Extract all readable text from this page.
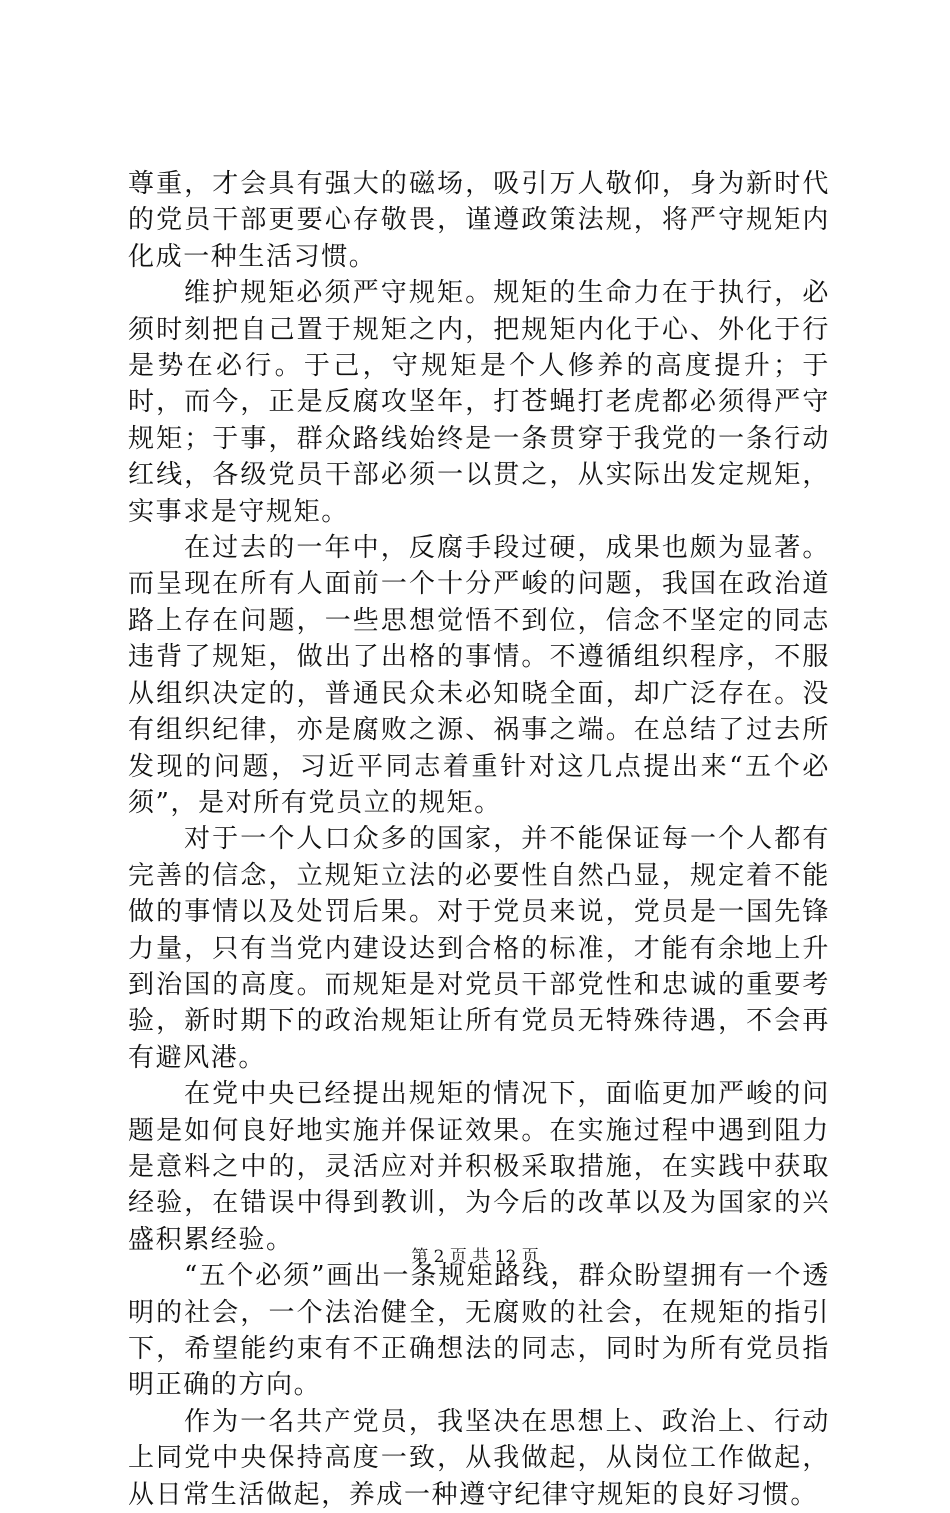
尊重，才会具有强大的磁场，吸引万人敬仰，身为新时代的党员干部更要心存敬畏，谨遵政策法规，将严守规矩内化成一种生活习惯。

维护规矩必须严守规矩。规矩的生命力在于执行，必须时刻把自己置于规矩之内，把规矩内化于心、外化于行是势在必行。于己，守规矩是个人修养的高度提升；于时，而今，正是反腐攻坚年，打苍蝇打老虎都必须得严守规矩；于事，群众路线始终是一条贯穿于我党的一条行动红线，各级党员干部必须一以贯之，从实际出发定规矩，实事求是守规矩。

在过去的一年中，反腐手段过硬，成果也颇为显著。而呈现在所有人面前一个十分严峻的问题，我国在政治道路上存在问题，一些思想觉悟不到位，信念不坚定的同志违背了规矩，做出了出格的事情。不遵循组织程序，不服从组织决定的，普通民众未必知晓全面，却广泛存在。没有组织纪律，亦是腐败之源、祸事之端。在总结了过去所发现的问题，习近平同志着重针对这几点提出来“五个必须”，是对所有党员立的规矩。

对于一个人口众多的国家，并不能保证每一个人都有完善的信念，立规矩立法的必要性自然凸显，规定着不能做的事情以及处罚后果。对于党员来说，党员是一国先锋力量，只有当党内建设达到合格的标准，才能有余地上升到治国的高度。而规矩是对党员干部党性和忠诚的重要考验，新时期下的政治规矩让所有党员无特殊待遇，不会再有避风港。

在党中央已经提出规矩的情况下，面临更加严峻的问题是如何良好地实施并保证效果。在实施过程中遇到阻力是意料之中的，灵活应对并积极采取措施，在实践中获取经验，在错误中得到教训，为今后的改革以及为国家的兴盛积累经验。

“五个必须”画出一条规矩路线，群众盼望拥有一个透明的社会，一个法治健全，无腐败的社会，在规矩的指引下，希望能约束有不正确想法的同志，同时为所有党员指明正确的方向。

作为一名共产党员，我坚决在思想上、政治上、行动上同党中央保持高度一致，从我做起，从岗位工作做起，从日常生活做起，养成一种遵守纪律守规矩的良好习惯。

第 2 页 共 12 页
